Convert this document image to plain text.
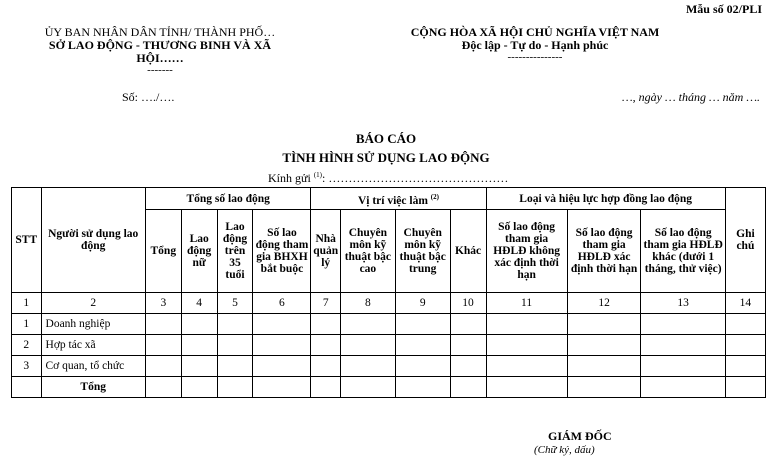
Mẫu số 02/PLI
ỦY BAN NHÂN DÂN TỈNH/ THÀNH PHỐ…
SỞ LAO ĐỘNG - THƯƠNG BINH VÀ XÃ
HỘI……
-------
CỘNG HÒA XÃ HỘI CHỦ NGHĨA VIỆT NAM
Độc lập - Tự do - Hạnh phúc
---------------
Số: …./….	…, ngày … tháng … năm ….
BÁO CÁO
TÌNH HÌNH SỬ DỤNG LAO ĐỘNG
Kính gửi $^{(1)}$: ………………………………………
STT	Người sử dụng lao động	Tổng số lao động				Vị trí việc làm $^{(2)}$				Loại và hiệu lực hợp đồng lao động			Ghi chú
		Tổng	Lao động nữ	Lao động trên 35 tuổi	Số lao động tham gia BHXH bắt buộc	Nhà quản lý	Chuyên môn kỹ thuật bậc cao	Chuyên môn kỹ thuật bậc trung	Khác	Số lao động tham gia HĐLĐ không xác định thời hạn	Số lao động tham gia HĐLĐ xác định thời hạn	Số lao động tham gia HĐLĐ khác (dưới 1 tháng, thử việc)	
1	2	3	4	5	6	7	8	9	10	11	12	13	14
1	Doanh nghiệp												
2	Hợp tác xã												
3	Cơ quan, tổ chức												
	Tổng												
GIÁM ĐỐC
(Chữ ký, dấu)
